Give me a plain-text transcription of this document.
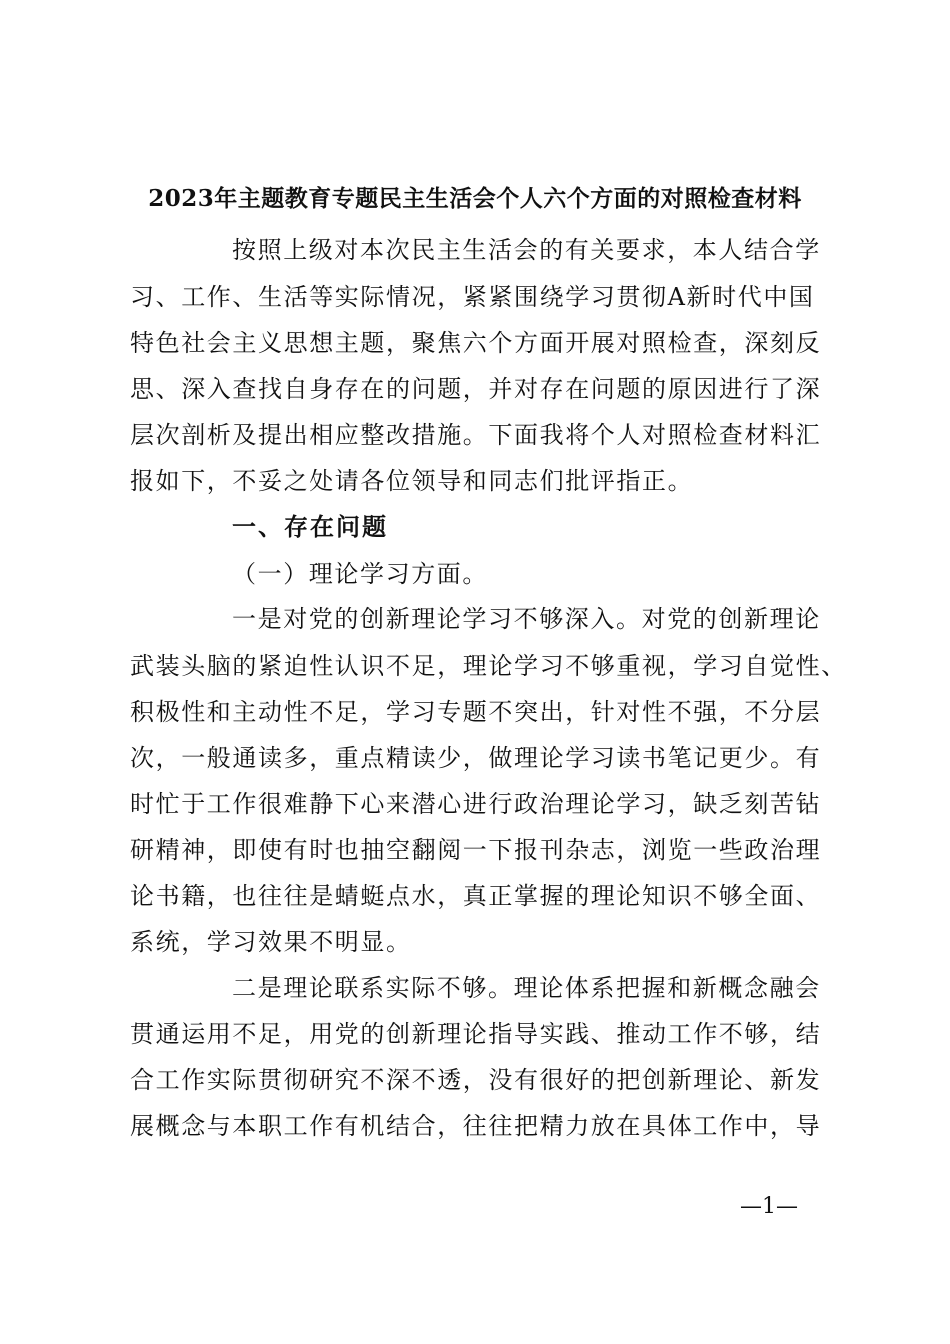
2023年主题教育专题民主生活会个人六个方面的对照检查材料
按照上级对本次民主生活会的有关要求，本人结合学
习、工作、生活等实际情况，紧紧围绕学习贯彻A新时代中国
特色社会主义思想主题，聚焦六个方面开展对照检查，深刻反
思、深入查找自身存在的问题，并对存在问题的原因进行了深
层次剖析及提出相应整改措施。下面我将个人对照检查材料汇
报如下，不妥之处请各位领导和同志们批评指正。
一、存在问题
（一）理论学习方面。
一是对党的创新理论学习不够深入。对党的创新理论
武装头脑的紧迫性认识不足，理论学习不够重视，学习自觉性、
积极性和主动性不足，学习专题不突出，针对性不强，不分层
次，一般通读多，重点精读少，做理论学习读书笔记更少。有
时忙于工作很难静下心来潜心进行政治理论学习，缺乏刻苦钻
研精神，即使有时也抽空翻阅一下报刊杂志，浏览一些政治理
论书籍，也往往是蜻蜓点水，真正掌握的理论知识不够全面、
系统，学习效果不明显。
二是理论联系实际不够。理论体系把握和新概念融会
贯通运用不足，用党的创新理论指导实践、推动工作不够，结
合工作实际贯彻研究不深不透，没有很好的把创新理论、新发
展概念与本职工作有机结合，往往把精力放在具体工作中，导
—1—
